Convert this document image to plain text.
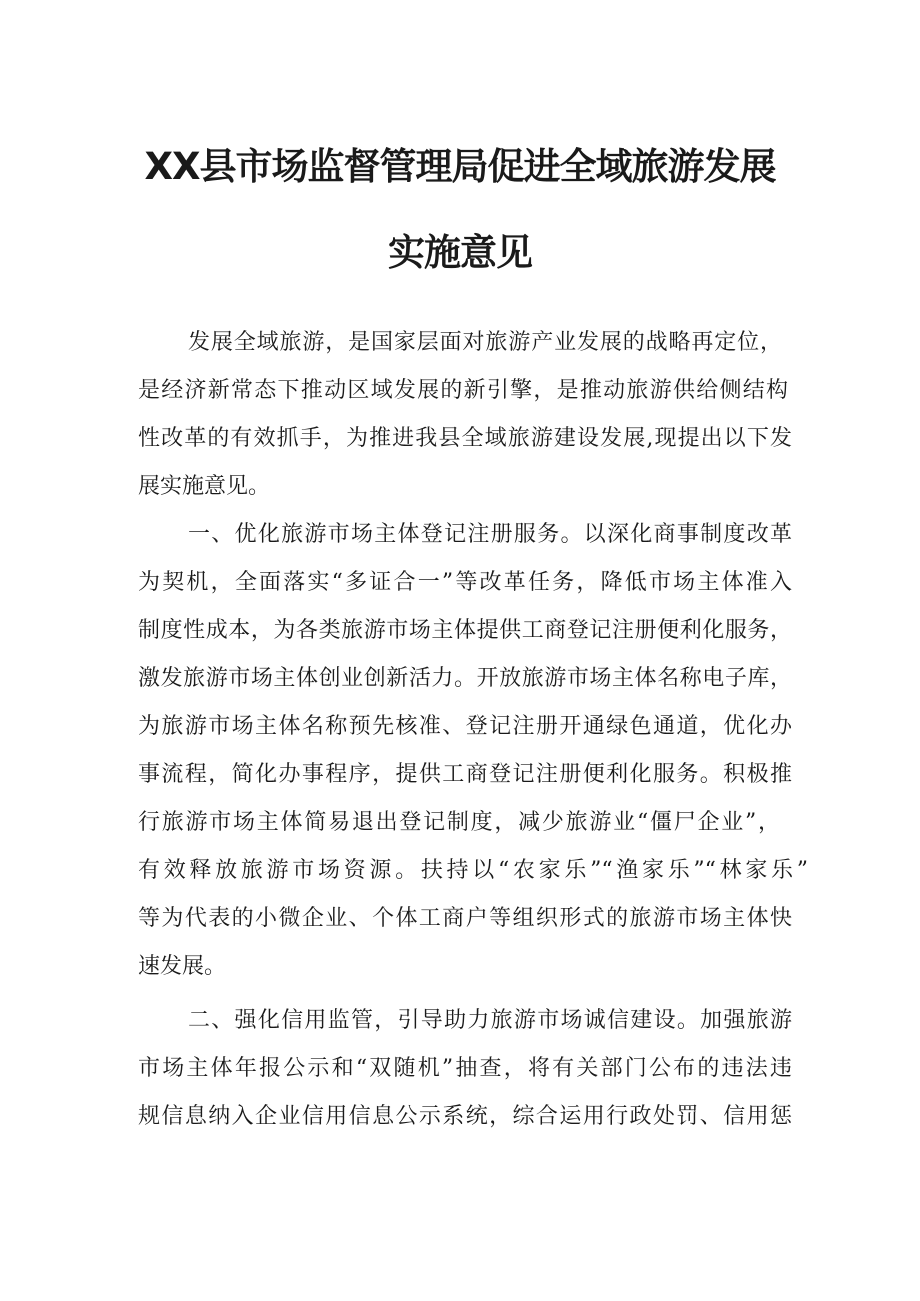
XX县市场监督管理局促进全域旅游发展
实施意见
发展全域旅游，是国家层面对旅游产业发展的战略再定位，
是经济新常态下推动区域发展的新引擎，是推动旅游供给侧结构
性改革的有效抓手，为推进我县全域旅游建设发展,现提出以下发
展实施意见。
一、优化旅游市场主体登记注册服务。以深化商事制度改革
为契机，全面落实“多证合一”等改革任务，降低市场主体准入
制度性成本，为各类旅游市场主体提供工商登记注册便利化服务，
激发旅游市场主体创业创新活力。开放旅游市场主体名称电子库，
为旅游市场主体名称预先核准、登记注册开通绿色通道，优化办
事流程，简化办事程序，提供工商登记注册便利化服务。积极推
行旅游市场主体简易退出登记制度，减少旅游业“僵尸企业”，
有效释放旅游市场资源。扶持以“农家乐”“渔家乐”“林家乐”
等为代表的小微企业、个体工商户等组织形式的旅游市场主体快
速发展。
二、强化信用监管，引导助力旅游市场诚信建设。加强旅游
市场主体年报公示和“双随机”抽查，将有关部门公布的违法违
规信息纳入企业信用信息公示系统，综合运用行政处罚、信用惩
